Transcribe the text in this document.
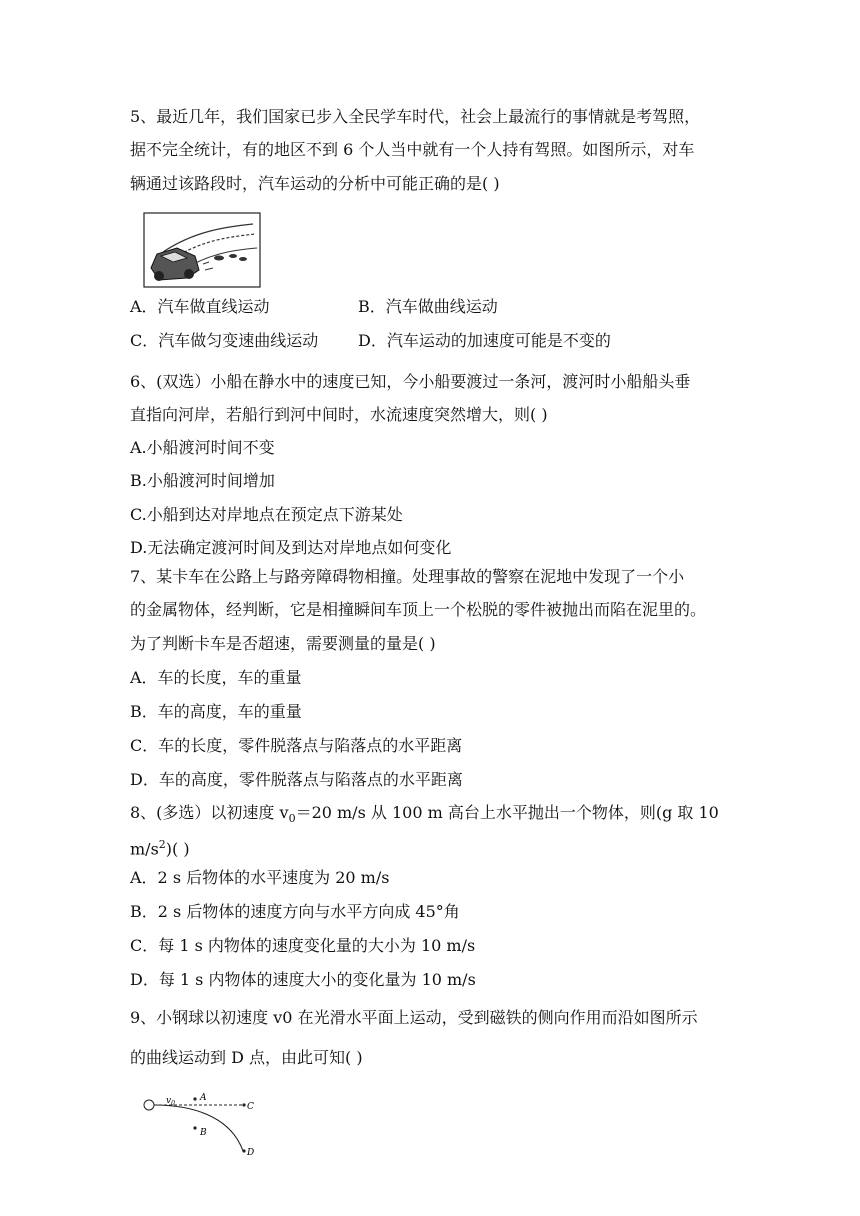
5、最近几年，我们国家已步入全民学车时代，社会上最流行的事情就是考驾照，
据不完全统计，有的地区不到 6 个人当中就有一个人持有驾照。如图所示，对车
辆通过该路段时，汽车运动的分析中可能正确的是( )
A．汽车做直线运动	B．汽车做曲线运动
C．汽车做匀变速曲线运动 D．汽车运动的加速度可能是不变的
6、(双选）小船在静水中的速度已知，今小船要渡过一条河，渡河时小船船头垂
直指向河岸，若船行到河中间时，水流速度突然增大，则( )
A.小船渡河时间不变
B.小船渡河时间增加
C.小船到达对岸地点在预定点下游某处
D.无法确定渡河时间及到达对岸地点如何变化
7、某卡车在公路上与路旁障碍物相撞。处理事故的警察在泥地中发现了一个小
的金属物体，经判断，它是相撞瞬间车顶上一个松脱的零件被抛出而陷在泥里的。
为了判断卡车是否超速，需要测量的量是( )
A．车的长度，车的重量
B．车的高度，车的重量
C．车的长度，零件脱落点与陷落点的水平距离
D．车的高度，零件脱落点与陷落点的水平距离
8、(多选）以初速度 $v_0=20$ m/s 从 100 m 高台上水平抛出一个物体，则(g 取 10
$m/s^2$)( )
A．2 s 后物体的水平速度为 20 m/s
B．2 s 后物体的速度方向与水平方向成 45°角
C．每 1 s 内物体的速度变化量的大小为 10 m/s
D．每 1 s 内物体的速度大小的变化量为 10 m/s
9、小钢球以初速度 v0 在光滑水平面上运动，受到磁铁的侧向作用而沿如图所示
的曲线运动到 D 点，由此可知( )
$v_0$
A
B
C
D
